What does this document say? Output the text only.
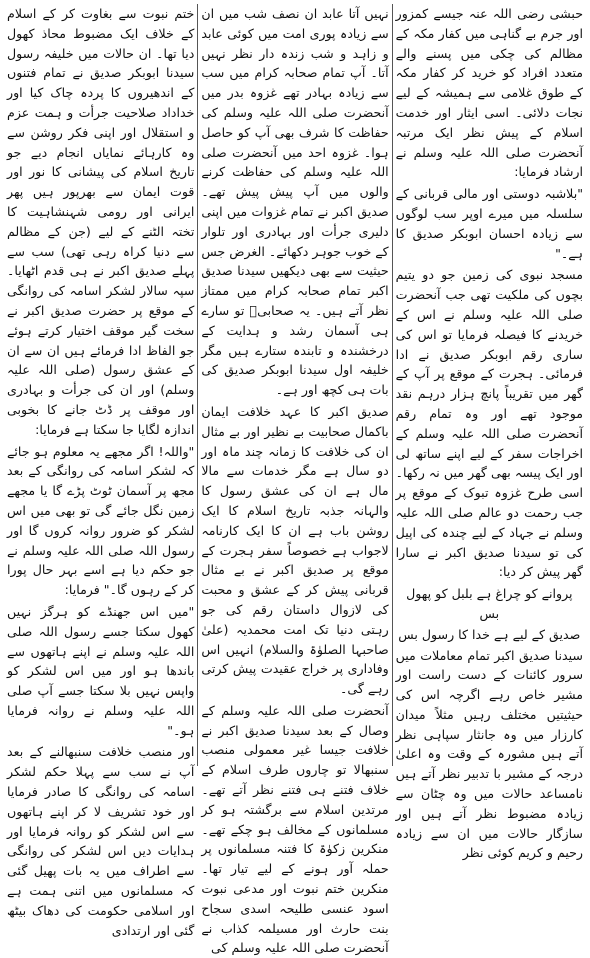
حبشی رضی اللہ عنہ جیسے کمزور اور جرم بے گناہی میں کفار مکہ کے مظالم کی چکی میں پسنے والے متعدد افراد کو خرید کر کفار مکہ کے طوق غلامی سے ہمیشہ کے لیے نجات دلائی۔ اسی ایثار اور خدمت اسلام کے پیش نظر ایک مرتبہ آنحضرت صلی اللہ علیہ وسلم نے ارشاد فرمایا:

"بلاشبہ دوستی اور مالی قربانی کے سلسلہ میں میرے اوپر سب لوگوں سے زیادہ احسان ابوبکر صدیق کا ہے۔"

مسجد نبوی کی زمین جو دو یتیم بچوں کی ملکیت تھی جب آنحضرت صلی اللہ علیہ وسلم نے اس کے خریدنے کا فیصلہ فرمایا تو اس کی ساری رقم ابوبکر صدیق نے ادا فرمائی۔ ہجرت کے موقع پر آپ کے گھر میں تقریباً پانچ ہزار درہم نقد موجود تھے اور وہ تمام رقم آنحضرت صلی اللہ علیہ وسلم کے اخراجات سفر کے لیے اپنے ساتھ لی اور ایک پیسہ بھی گھر میں نہ رکھا۔ اسی طرح غزوہ تبوک کے موقع پر جب رحمت دو عالم صلی اللہ علیہ وسلم نے جہاد کے لیے چندہ کی اپیل کی تو سیدنا صدیق اکبر نے سارا گھر پیش کر دیا:

پروانے کو چراغ ہے بلبل کو پھول بس

صدیق کے لیے ہے خدا کا رسول بس

سیدنا صدیق اکبر تمام معاملات میں سرور کائنات کے دست راست اور مشیر خاص رہے اگرچہ اس کی حیثیتیں مختلف رہیں مثلاً میدان کارزار میں وہ جانثار سپاہی نظر آتے ہیں مشورہ کے وقت وہ اعلیٰ درجہ کے مشیر با تدبیر نظر آتے ہیں نامساعد حالات میں وہ چٹان سے زیادہ مضبوط نظر آتے ہیں اور سازگار حالات میں ان سے زیادہ رحیم و کریم کوئی نظر

نہیں آتا عابد ان نصف شب میں ان سے زیادہ پوری امت میں کوئی عابد و زاہد و شب زندہ دار نظر نہیں آتا۔ آپ تمام صحابہ کرام میں سب سے زیادہ بہادر تھے غزوہ بدر میں آنحضرت صلی اللہ علیہ وسلم کی حفاظت کا شرف بھی آپ کو حاصل ہوا۔ غزوہ احد میں آنحضرت صلی اللہ علیہ وسلم کی حفاظت کرنے والوں میں آپ پیش پیش تھے۔ صدیق اکبر نے تمام غزوات میں اپنی دلیری جرأت اور بہادری اور تلوار کے خوب جوہر دکھائے۔ الغرض جس حیثیت سے بھی دیکھیں سیدنا صدیق اکبر تمام صحابہ کرام میں ممتاز نظر آتے ہیں۔ یہ صحابیؓ تو سارے ہی آسمان رشد و ہدایت کے درخشندہ و تابندہ ستارے ہیں مگر خلیفہ اول سیدنا ابوبکر صدیق کی بات ہی کچھ اور ہے۔

صدیق اکبر کا عہد خلافت ایمان باکمال صحابیت بے نظیر اور بے مثال ان کی خلافت کا زمانہ چند ماہ اور دو سال ہے مگر خدمات سے مالا مال ہے ان کی عشق رسول کا والہانہ جذبہ تاریخ اسلام کا ایک روشن باب ہے ان کا ایک کارنامہ لاجواب ہے خصوصاً سفر ہجرت کے موقع پر صدیق اکبر نے بے مثال قربانی پیش کر کے عشق و محبت کی لازوال داستان رقم کی جو رہتی دنیا تک امت محمدیہ (علیٰ صاحبہا الصلوٰۃ والسلام) انہیں اس وفاداری پر خراج عقیدت پیش کرتی رہے گی۔

آنحضرت صلی اللہ علیہ وسلم کے وصال کے بعد سیدنا صدیق اکبر نے خلافت جیسا غیر معمولی منصب سنبھالا تو چاروں طرف اسلام کے خلاف فتنے ہی فتنے نظر آتے تھے۔ مرتدین اسلام سے برگشتہ ہو کر مسلمانوں کے مخالف ہو چکے تھے۔ منکرین زکوٰۃ کا فتنہ مسلمانوں پر حملہ آور ہونے کے لیے تیار تھا۔ منکرین ختم نبوت اور مدعی نبوت اسود عنسی طلیحہ اسدی سجاح بنت حارث اور مسیلمہ کذاب نے آنحضرت صلی اللہ علیہ وسلم کی

ختم نبوت سے بغاوت کر کے اسلام کے خلاف ایک مضبوط محاذ کھول دیا تھا۔ ان حالات میں خلیفہ رسول سیدنا ابوبکر صدیق نے تمام فتنوں کے اندھیروں کا پردہ چاک کیا اور خداداد صلاحیت جرأت و ہمت عزم و استقلال اور اپنی فکر روشن سے وہ کارہائے نمایاں انجام دیے جو تاریخ اسلام کی پیشانی کا نور اور قوت ایمان سے بھرپور ہیں پھر ایرانی اور رومی شہنشاہیت کا تختہ الٹنے کے لیے (جن کے مظالم سے دنیا کراہ رہی تھی) سب سے پہلے صدیق اکبر نے ہی قدم اٹھایا۔ سپہ سالار لشکر اسامہ کی روانگی کے موقع پر حضرت صدیق اکبر نے سخت گیر موقف اختیار کرتے ہوئے جو الفاظ ادا فرمائے ہیں ان سے ان کے عشق رسول (صلی اللہ علیہ وسلم) اور ان کی جرأت و بہادری اور موقف پر ڈٹ جانے کا بخوبی اندازہ لگایا جا سکتا ہے فرمایا:

"واللہ! اگر مجھے یہ معلوم ہو جائے کہ لشکر اسامہ کی روانگی کے بعد مجھ پر آسمان ٹوٹ پڑے گا یا مجھے زمین نگل جائے گی تو بھی میں اس لشکر کو ضرور روانہ کروں گا اور رسول اللہ صلی اللہ علیہ وسلم نے جو حکم دیا ہے اسے بہر حال پورا کر کے رہوں گا۔" فرمایا:

"میں اس جھنڈے کو ہرگز نہیں کھول سکتا جسے رسول اللہ صلی اللہ علیہ وسلم نے اپنے ہاتھوں سے باندھا ہو اور میں اس لشکر کو واپس نہیں بلا سکتا جسے آپ صلی اللہ علیہ وسلم نے روانہ فرمایا ہو۔"

اور منصب خلافت سنبھالنے کے بعد آپ نے سب سے پہلا حکم لشکر اسامہ کی روانگی کا صادر فرمایا اور خود تشریف لا کر اپنے ہاتھوں سے اس لشکر کو روانہ فرمایا اور ہدایات دیں اس لشکر کی روانگی سے اطراف میں یہ بات پھیل گئی کہ مسلمانوں میں اتنی ہمت ہے اور اسلامی حکومت کی دھاک بیٹھ گئی اور ارتدادی
